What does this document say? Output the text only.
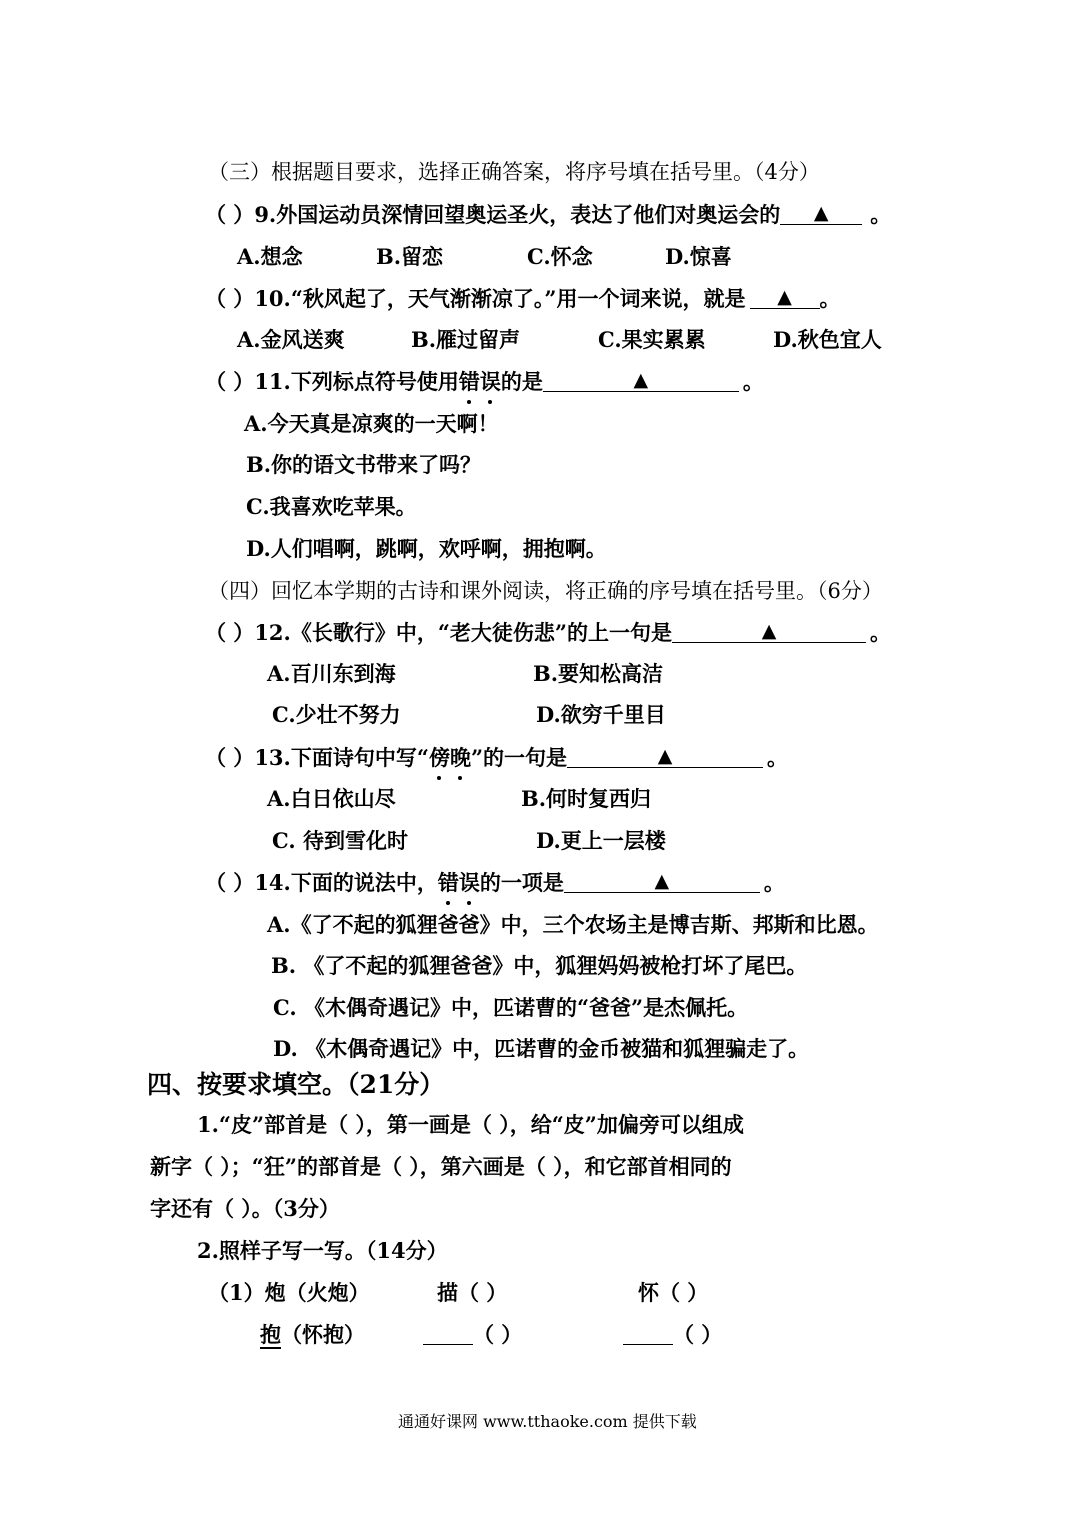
（三）根据题目要求，选择正确答案，将序号填在括号里。（4分）
（ ）9.外国运动员深情回望奥运圣火，表达了他们对奥运会的	▲	。
A.想念	B.留恋	C.怀念	D.惊喜
（ ）10.“秋风起了，天气渐渐凉了。”用一个词来说，就是	▲	。
A.金风送爽	B.雁过留声	C.果实累累	D.秋色宜人
（ ）11.下列标点符号使用错误的是	▲	。
A.今天真是凉爽的一天啊！
B.你的语文书带来了吗？
C.我喜欢吃苹果。
D.人们唱啊，跳啊，欢呼啊，拥抱啊。
（四）回忆本学期的古诗和课外阅读，将正确的序号填在括号里。（6分）
（ ）12.《长歌行》中，“老大徒伤悲”的上一句是	▲	。
A.百川东到海	B.要知松高洁
C.少壮不努力	D.欲穷千里目
（ ）13.下面诗句中写“傍晚”的一句是	▲	。
A.白日依山尽	B.何时复西归
C. 待到雪化时	D.更上一层楼
（ ）14.下面的说法中，错误的一项是	▲	。
A.《了不起的狐狸爸爸》中，三个农场主是博吉斯、邦斯和比恩。
B. 《了不起的狐狸爸爸》中，狐狸妈妈被枪打坏了尾巴。
C. 《木偶奇遇记》中，匹诺曹的“爸爸”是杰佩托。
D. 《木偶奇遇记》中，匹诺曹的金币被猫和狐狸骗走了。
四、按要求填空。（21分）
1.“皮”部首是（ ），第一画是（ ），给“皮”加偏旁可以组成
新字（ ）；“狂”的部首是（ ），第六画是（ ），和它部首相同的
字还有（ ）。（3分）
2.照样子写一写。（14分）
（1）炮（火炮）	描（ ）	怀（ ）
抱（怀抱）	（ ）	（ ）
通通好课网 www.tthaoke.com 提供下载
